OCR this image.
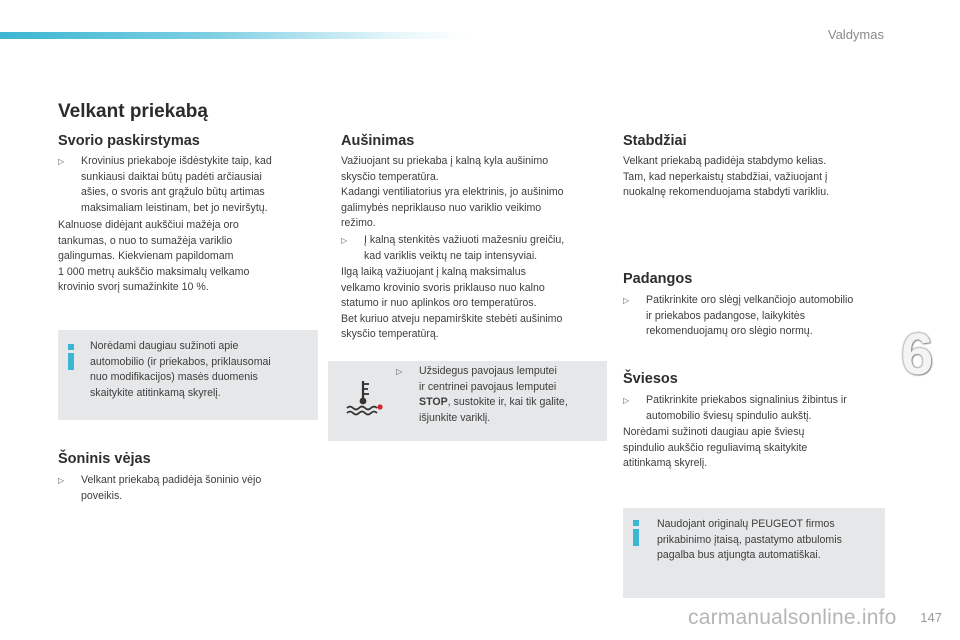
Valdymas
6
Velkant priekabą
Svorio paskirstymas
▷ Krovinius priekaboje išdėstykite taip, kad
sunkiausi daiktai būtų padėti arčiausiai
ašies, o svoris ant grąžulo būtų artimas
maksimaliam leistinam, bet jo neviršytų.
Kalnuose didėjant aukščiui mažėja oro
tankumas, o nuo to sumažėja variklio
galingumas. Kiekvienam papildomam
1 000 metrų aukščio maksimalų velkamo
krovinio svorį sumažinkite 10 %.
Norėdami daugiau sužinoti apie
automobilio (ir priekabos, priklausomai
nuo modifikacijos) masės duomenis
skaitykite atitinkamą skyrelį.
Šoninis vėjas
▷ Velkant priekabą padidėja šoninio vėjo
poveikis.
Aušinimas
Važiuojant su priekaba į kalną kyla aušinimo
skysčio temperatūra.
Kadangi ventiliatorius yra elektrinis, jo aušinimo
galimybės nepriklauso nuo variklio veikimo
režimo.
▷ Į kalną stenkitės važiuoti mažesniu greičiu,
kad variklis veiktų ne taip intensyviai.
Ilgą laiką važiuojant į kalną maksimalus
velkamo krovinio svoris priklauso nuo kalno
statumo ir nuo aplinkos oro temperatūros.
Bet kuriuo atveju nepamirškite stebėti aušinimo
skysčio temperatūrą.
▷ Užsidegus pavojaus lemputei
ir centrinei pavojaus lemputei
STOP, sustokite ir, kai tik galite,
išjunkite variklį.
Stabdžiai
Velkant priekabą padidėja stabdymo kelias.
Tam, kad neperkaistų stabdžiai, važiuojant į
nuokalnę rekomenduojama stabdyti varikliu.
Padangos
▷ Patikrinkite oro slėgį velkančiojo automobilio
ir priekabos padangose, laikykitės
rekomenduojamų oro slėgio normų.
Šviesos
▷ Patikrinkite priekabos signalinius žibintus ir
automobilio šviesų spindulio aukštį.
Norėdami sužinoti daugiau apie šviesų
spindulio aukščio reguliavimą skaitykite
atitinkamą skyrelį.
Naudojant originalų PEUGEOT firmos
prikabinimo įtaisą, pastatymo atbulomis
pagalba bus atjungta automatiškai.
carmanualsonline.info 147
